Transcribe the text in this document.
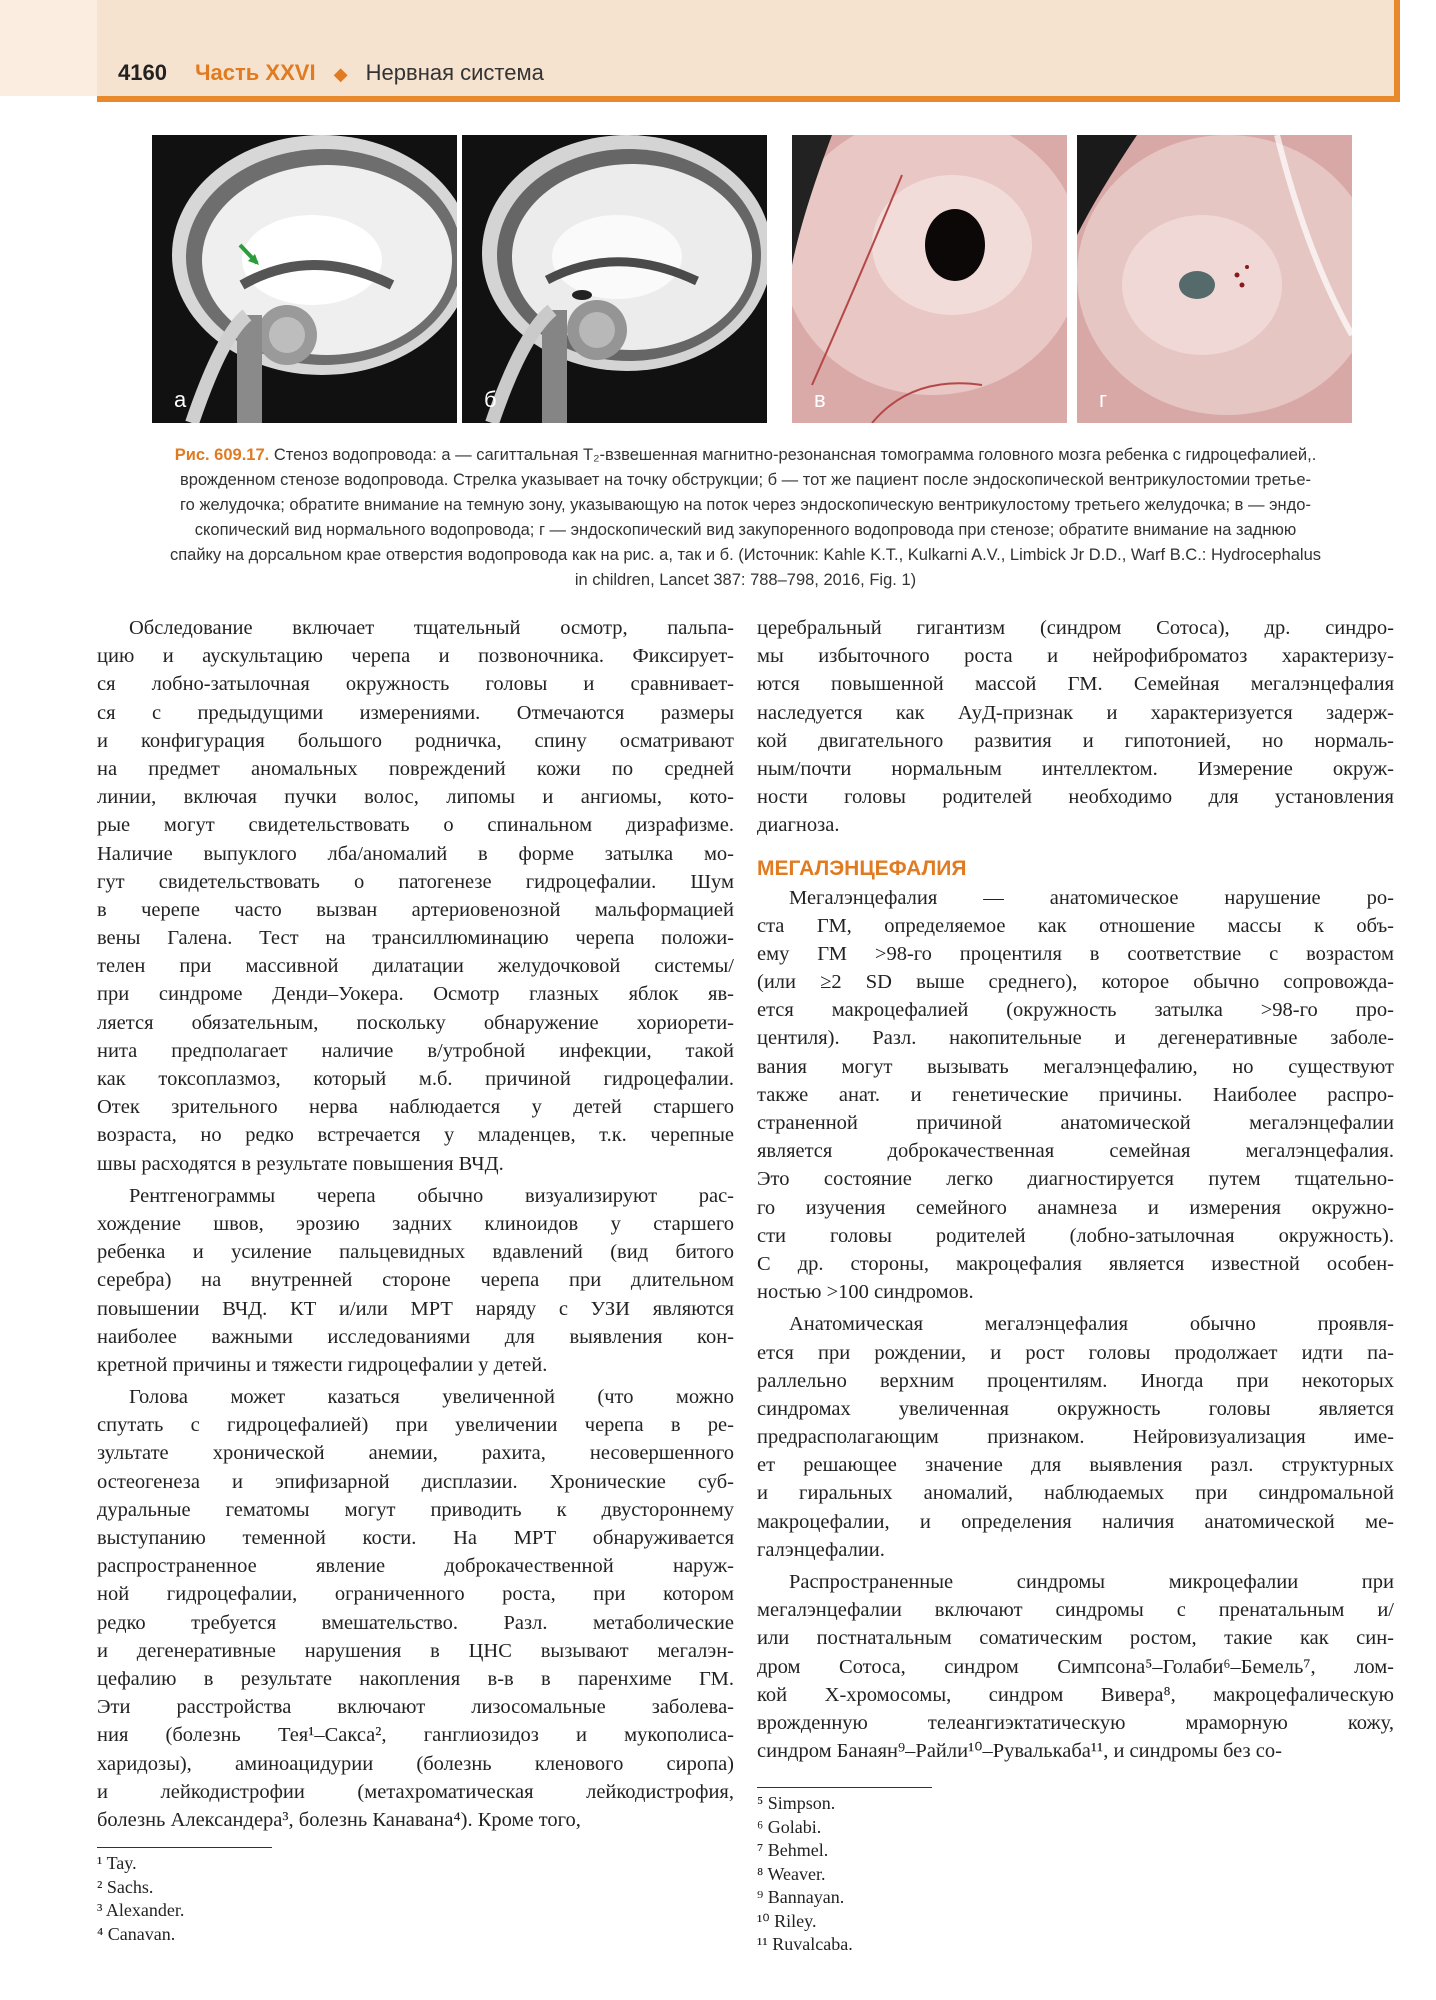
4160 Часть XXVI ◆ Нервная система
а	б	в	г
Рис. 609.17. Стеноз водопровода: а — сагиттальная T₂-взвешенная магнитно-резонансная томограмма головного мозга ребенка с гидроцефалией,.
врожденном стенозе водопровода. Стрелка указывает на точку обструкции; б — тот же пациент после эндоскопической вентрикулостомии третье-
го желудочка; обратите внимание на темную зону, указывающую на поток через эндоскопическую вентрикулостому третьего желудочка; в — эндо-
скопический вид нормального водопровода; г — эндоскопический вид закупоренного водопровода при стенозе; обратите внимание на заднюю
спайку на дорсальном крае отверстия водопровода как на рис. а, так и б. (Источник: Kahle K.T., Kulkarni A.V., Limbick Jr D.D., Warf B.C.: Hydrocephalus
in children, Lancet 387: 788–798, 2016, Fig. 1)
Обследование включает тщательный осмотр, пальпа-
цию и аускультацию черепа и позвоночника. Фиксирует-
ся лобно-затылочная окружность головы и сравнивает-
ся с предыдущими измерениями. Отмечаются размеры
и конфигурация большого родничка, спину осматривают
на предмет аномальных повреждений кожи по средней
линии, включая пучки волос, липомы и ангиомы, кото-
рые могут свидетельствовать о спинальном дизрафизме.
Наличие выпуклого лба/аномалий в форме затылка мо-
гут свидетельствовать о патогенезе гидроцефалии. Шум
в черепе часто вызван артериовенозной мальформацией
вены Галена. Тест на трансиллюминацию черепа положи-
телен при массивной дилатации желудочковой системы/
при синдроме Денди–Уокера. Осмотр глазных яблок яв-
ляется обязательным, поскольку обнаружение хориорети-
нита предполагает наличие в/утробной инфекции, такой
как токсоплазмоз, который м.б. причиной гидроцефалии.
Отек зрительного нерва наблюдается у детей старшего
возраста, но редко встречается у младенцев, т.к. черепные
швы расходятся в результате повышения ВЧД.
Рентгенограммы черепа обычно визуализируют рас-
хождение швов, эрозию задних клиноидов у старшего
ребенка и усиление пальцевидных вдавлений (вид битого
серебра) на внутренней стороне черепа при длительном
повышении ВЧД. КТ и/или МРТ наряду с УЗИ являются
наиболее важными исследованиями для выявления кон-
кретной причины и тяжести гидроцефалии у детей.
Голова может казаться увеличенной (что можно
спутать с гидроцефалией) при увеличении черепа в ре-
зультате хронической анемии, рахита, несовершенного
остеогенеза и эпифизарной дисплазии. Хронические суб-
дуральные гематомы могут приводить к двустороннему
выступанию теменной кости. На МРТ обнаруживается
распространенное явление доброкачественной наруж-
ной гидроцефалии, ограниченного роста, при котором
редко требуется вмешательство. Разл. метаболические
и дегенеративные нарушения в ЦНС вызывают мегалэн-
цефалию в результате накопления в-в в паренхиме ГМ.
Эти расстройства включают лизосомальные заболева-
ния (болезнь Тея¹–Сакса², ганглиозидоз и мукополиса-
харидозы), аминоацидурии (болезнь кленового сиропа)
и лейкодистрофии (метахроматическая лейкодистрофия,
болезнь Александера³, болезнь Канавана⁴). Кроме того,
¹ Tay.
² Sachs.
³ Alexander.
⁴ Canavan.
церебральный гигантизм (синдром Сотоса), др. синдро-
мы избыточного роста и нейрофиброматоз характеризу-
ются повышенной массой ГМ. Семейная мегалэнцефалия
наследуется как АуД-признак и характеризуется задерж-
кой двигательного развития и гипотонией, но нормаль-
ным/почти нормальным интеллектом. Измерение окруж-
ности головы родителей необходимо для установления
диагноза.
МЕГАЛЭНЦЕФАЛИЯ
Мегалэнцефалия — анатомическое нарушение ро-
ста ГМ, определяемое как отношение массы к объ-
ему ГМ >98-го процентиля в соответствие с возрастом
(или ≥2 SD выше среднего), которое обычно сопровожда-
ется макроцефалией (окружность затылка >98-го про-
центиля). Разл. накопительные и дегенеративные заболе-
вания могут вызывать мегалэнцефалию, но существуют
также анат. и генетические причины. Наиболее распро-
страненной причиной анатомической мегалэнцефалии
является доброкачественная семейная мегалэнцефалия.
Это состояние легко диагностируется путем тщательно-
го изучения семейного анамнеза и измерения окружно-
сти головы родителей (лобно-затылочная окружность).
С др. стороны, макроцефалия является известной особен-
ностью >100 синдромов.
Анатомическая мегалэнцефалия обычно проявля-
ется при рождении, и рост головы продолжает идти па-
раллельно верхним процентилям. Иногда при некоторых
синдромах увеличенная окружность головы является
предрасполагающим признаком. Нейровизуализация име-
ет решающее значение для выявления разл. структурных
и гиральных аномалий, наблюдаемых при синдромальной
макроцефалии, и определения наличия анатомической ме-
галэнцефалии.
Распространенные синдромы микроцефалии при
мегалэнцефалии включают синдромы с пренатальным и/
или постнатальным соматическим ростом, такие как син-
дром Сотоса, синдром Симпсона⁵–Голаби⁶–Бемель⁷, лом-
кой Х-хромосомы, синдром Вивера⁸, макроцефалическую
врожденную телеангиэктатическую мраморную кожу,
синдром Банаян⁹–Райли¹⁰–Рувалькаба¹¹, и синдромы без со-
⁵ Simpson.
⁶ Golabi.
⁷ Behmel.
⁸ Weaver.
⁹ Bannayan.
¹⁰ Riley.
¹¹ Ruvalcaba.
